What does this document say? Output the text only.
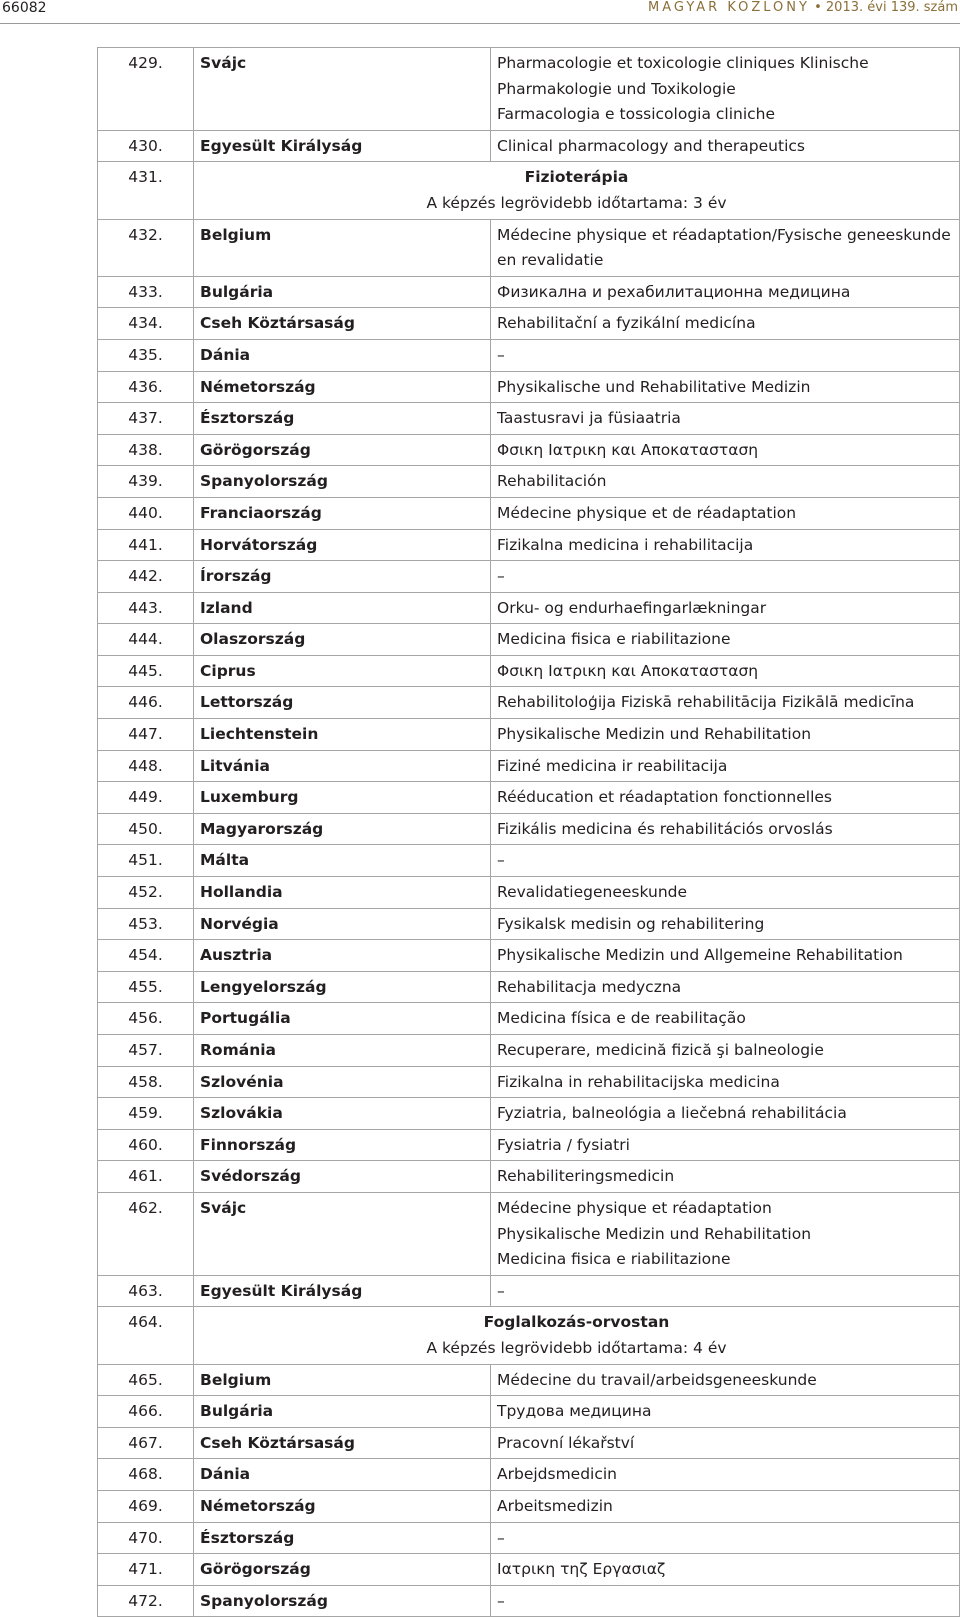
66082	MAGYAR KÖZLÖNY • 2013. évi 139. szám
429.	Svájc	Pharmacologie et toxicologie cliniques Klinische
Pharmakologie und Toxikologie
Farmacologia e tossicologia cliniche
430.	Egyesült Királyság	Clinical pharmacology and therapeutics
431.	Fizioterápia
A képzés legrövidebb időtartama: 3 év	
432.	Belgium	Médecine physique et réadaptation/Fysische geneeskunde
en revalidatie
433.	Bulgária	Физикална и рехабилитационна медицина
434.	Cseh Köztársaság	Rehabilitační a fyzikální medicína
435.	Dánia	–
436.	Németország	Physikalische und Rehabilitative Medizin
437.	Észtország	Taastusravi ja füsiaatria
438.	Görögország	Φσικη Ιατρικη και Αποκατασταση
439.	Spanyolország	Rehabilitación
440.	Franciaország	Médecine physique et de réadaptation
441.	Horvátország	Fizikalna medicina i rehabilitacija
442.	Írország	–
443.	Izland	Orku- og endurhaefingarlækningar
444.	Olaszország	Medicina fisica e riabilitazione
445.	Ciprus	Φσικη Ιατρικη και Αποκατασταση
446.	Lettország	Rehabilitoloģija Fiziskā rehabilitācija Fizikālā medicīna
447.	Liechtenstein	Physikalische Medizin und Rehabilitation
448.	Litvánia	Fiziné medicina ir reabilitacija
449.	Luxemburg	Rééducation et réadaptation fonctionnelles
450.	Magyarország	Fizikális medicina és rehabilitációs orvoslás
451.	Málta	–
452.	Hollandia	Revalidatiegeneeskunde
453.	Norvégia	Fysikalsk medisin og rehabilitering
454.	Ausztria	Physikalische Medizin und Allgemeine Rehabilitation
455.	Lengyelország	Rehabilitacja medyczna
456.	Portugália	Medicina física e de reabilitação
457.	Románia	Recuperare, medicină fizică şi balneologie
458.	Szlovénia	Fizikalna in rehabilitacijska medicina
459.	Szlovákia	Fyziatria, balneológia a liečebná rehabilitácia
460.	Finnország	Fysiatria / fysiatri
461.	Svédország	Rehabiliteringsmedicin
462.	Svájc	Médecine physique et réadaptation
Physikalische Medizin und Rehabilitation
Medicina fisica e riabilitazione
463.	Egyesült Királyság	–
464.	Foglalkozás-orvostan
A képzés legrövidebb időtartama: 4 év	
465.	Belgium	Médecine du travail/arbeidsgeneeskunde
466.	Bulgária	Трудова медицина
467.	Cseh Köztársaság	Pracovní lékařství
468.	Dánia	Arbejdsmedicin
469.	Németország	Arbeitsmedizin
470.	Észtország	–
471.	Görögország	Ιατρικη τηζ Εργασιαζ
472.	Spanyolország	–
